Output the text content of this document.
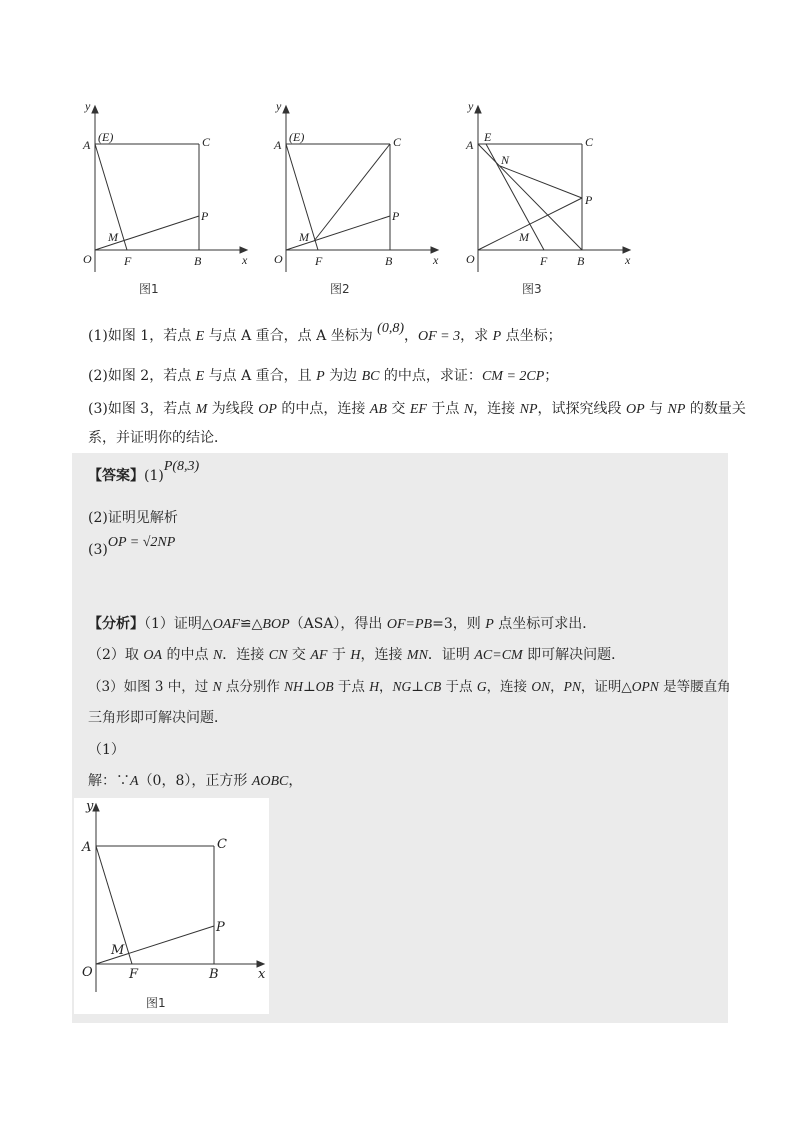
y
x
(E)
A	C
P
M
O	F	B
图1
y
x
(E)
A	C
P
M
O	F	B
图2
y
x
E
N
A	C
P
M
O	F B
图3
(1)如图 1，若点 E 与点 A 重合，点 A 坐标为 (0,8)，OF = 3，求 P 点坐标；
(2)如图 2，若点 E 与点 A 重合，且 P 为边 BC 的中点，求证：CM = 2CP；
(3)如图 3，若点 M 为线段 OP 的中点，连接 AB 交 EF 于点 N，连接 NP，试探究线段 OP 与 NP 的数量关
系，并证明你的结论．
【答案】(1)P(8,3)
(2)证明见解析
(3)OP = √2NP
【分析】（1）证明△OAF≌△BOP（ASA），得出 OF=PB=3，则 P 点坐标可求出．
（2）取 OA 的中点 N．连接 CN 交 AF 于 H，连接 MN．证明 AC=CM 即可解决问题．
（3）如图 3 中，过 N 点分别作 NH⊥OB 于点 H，NG⊥CB 于点 G，连接 ON，PN，证明△OPN 是等腰直角
三角形即可解决问题．
（1）
解：∵A（0，8），正方形 AOBC，
y
x
A	C
P
M
O	F	B
图1
